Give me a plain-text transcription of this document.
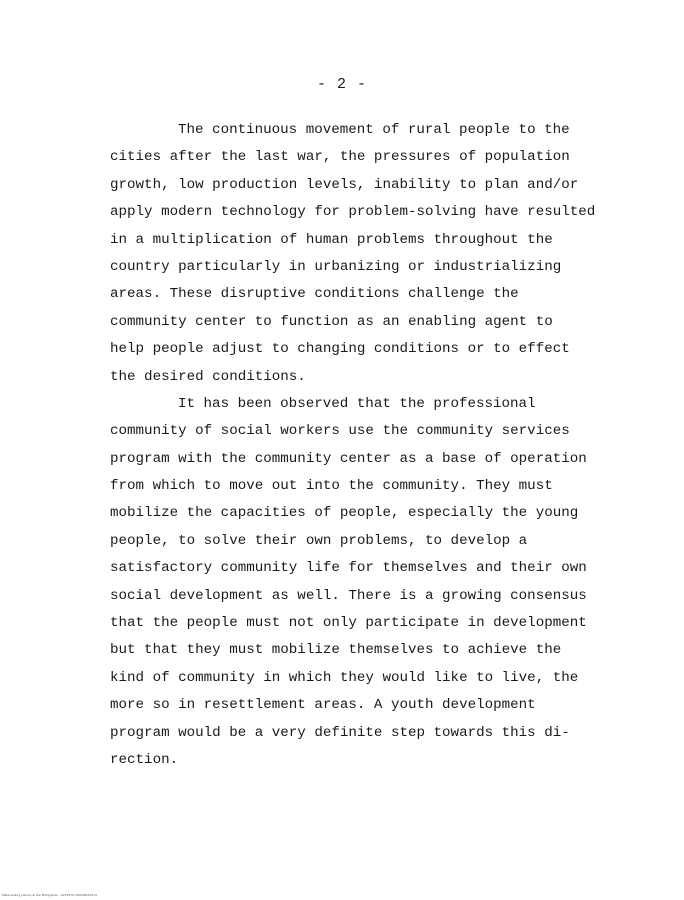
- 2 -
The continuous movement of rural people to the
cities after the last war, the pressures of population
growth, low production levels, inability to plan and/or
apply modern technology for problem-solving have resulted
in a multiplication of human problems throughout the
country particularly in urbanizing or industrializing
areas. These disruptive conditions challenge the
community center to function as an enabling agent to
help people adjust to changing conditions or to effect
the desired conditions.
It has been observed that the professional
community of social workers use the community services
program with the community center as a base of operation
from which to move out into the community. They must
mobilize the capacities of people, especially the young
people, to solve their own problems, to develop a
satisfactory community life for themselves and their own
social development as well. There is a growing consensus
that the people must not only participate in development
but that they must mobilize themselves to achieve the
kind of community in which they would like to live, the
more so in resettlement areas. A youth development
program would be a very definite step towards this di-
rection.
Malacañang Library & the Philippines · 4070970740000097015
